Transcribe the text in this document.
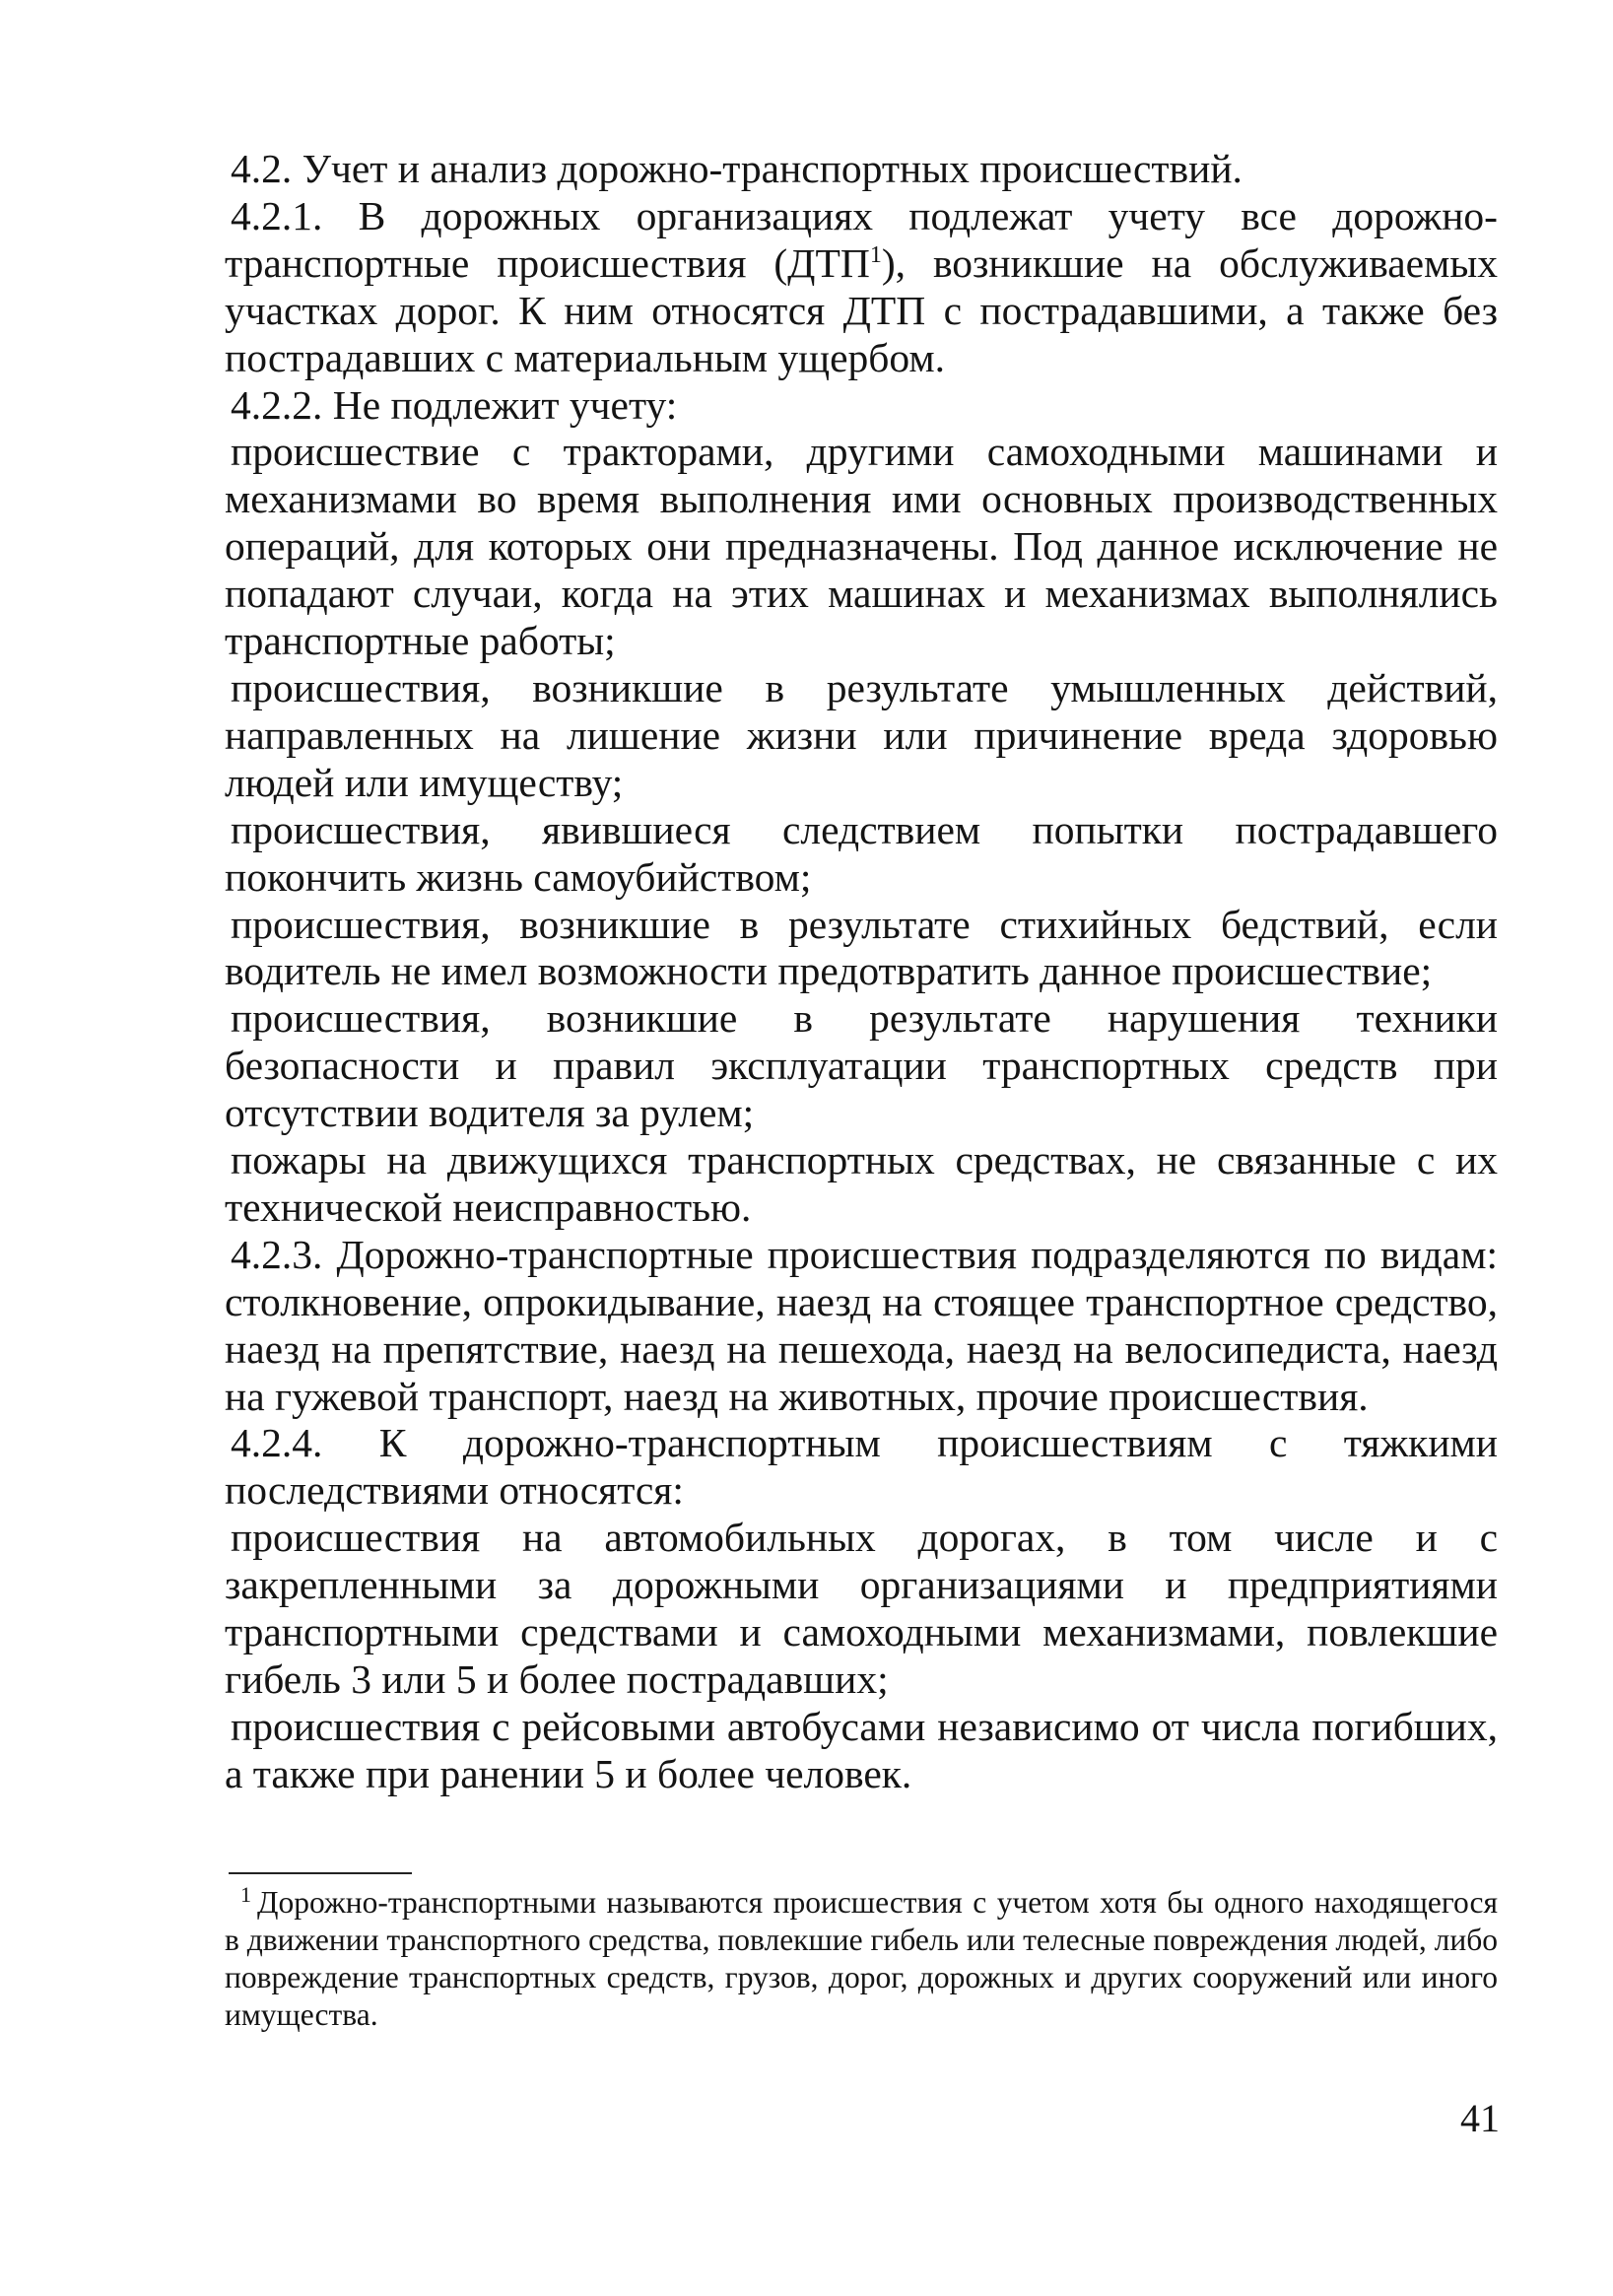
4.2. Учет и анализ дорожно-транспортных происшествий.

4.2.1. В дорожных организациях подлежат учету все дорожно-транспортные происшествия (ДТП$^1$), возникшие на обслуживаемых участках дорог. К ним относятся ДТП с пострадавшими, а также без пострадавших с материальным ущербом.

4.2.2. Не подлежит учету:

происшествие с тракторами, другими самоходными машинами и механизмами во время выполнения ими основных производственных операций, для которых они предназначены. Под данное исключение не попадают случаи, когда на этих машинах и механизмах выполнялись транспортные работы;

происшествия, возникшие в результате умышленных действий, направленных на лишение жизни или причинение вреда здоровью людей или имуществу;

происшествия, явившиеся следствием попытки пострадавшего покончить жизнь самоубийством;

происшествия, возникшие в результате стихийных бедствий, если водитель не имел возможности предотвратить данное происшествие;

происшествия, возникшие в результате нарушения техники безопасности и правил эксплуатации транспортных средств при отсутствии водителя за рулем;

пожары на движущихся транспортных средствах, не связанные с их технической неисправностью.

4.2.3. Дорожно-транспортные происшествия подразделяются по видам: столкновение, опрокидывание, наезд на стоящее транспортное средство, наезд на препятствие, наезд на пешехода, наезд на велосипедиста, наезд на гужевой транспорт, наезд на животных, прочие происшествия.

4.2.4. К дорожно-транспортным происшествиям с тяжкими последствиями относятся:

происшествия на автомобильных дорогах, в том числе и с закрепленными за дорожными организациями и предприятиями транспортными средствами и самоходными механизмами, повлекшие гибель 3 или 5 и более пострадавших;

происшествия с рейсовыми автобусами независимо от числа погибших, а также при ранении 5 и более человек.

$^1$ Дорожно-транспортными называются происшествия с учетом хотя бы одного находящегося в движении транспортного средства, повлекшие гибель или телесные повреждения людей, либо повреждение транспортных средств, грузов, дорог, дорожных и других сооружений или иного имущества.

41
